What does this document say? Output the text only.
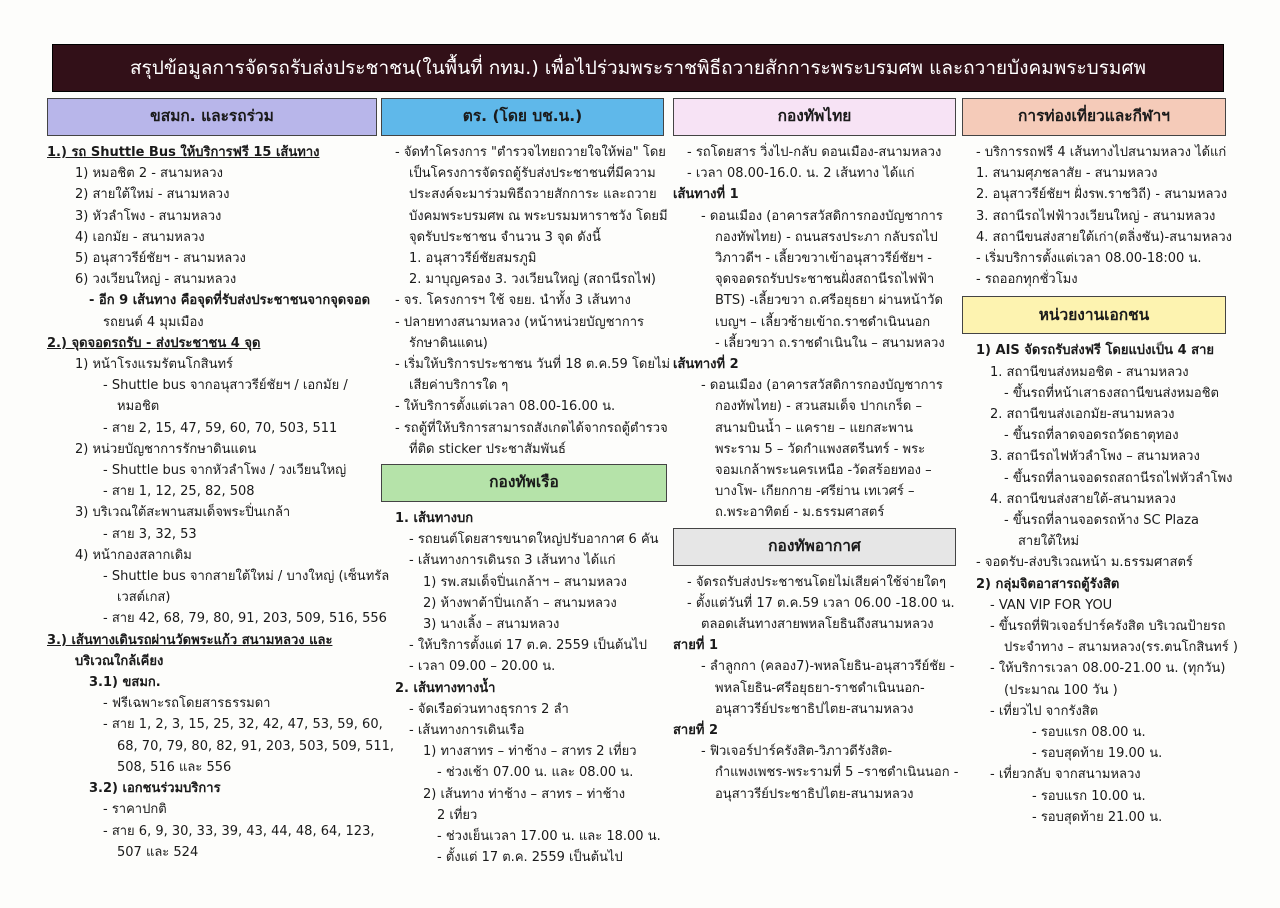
สรุปข้อมูลการจัดรถรับส่งประชาชน(ในพื้นที่ กทม.) เพื่อไปร่วมพระราชพิธีถวายสักการะพระบรมศพ และถวายบังคมพระบรมศพ
ขสมก. และรถร่วม
1.) รถ Shuttle Bus ให้บริการฟรี 15 เส้นทาง
1) หมอชิต 2 - สนามหลวง
2) สายใต้ใหม่ - สนามหลวง
3) หัวลำโพง - สนามหลวง
4) เอกมัย - สนามหลวง
5) อนุสาวรีย์ชัยฯ - สนามหลวง
6) วงเวียนใหญ่ - สนามหลวง
- อีก 9 เส้นทาง คือจุดที่รับส่งประชาชนจากจุดจอด
รถยนต์ 4 มุมเมือง
2.) จุดจอดรถรับ - ส่งประชาชน 4 จุด
1) หน้าโรงแรมรัตนโกสินทร์
- Shuttle bus จากอนุสาวรีย์ชัยฯ / เอกมัย /
หมอชิต
- สาย 2, 15, 47, 59, 60, 70, 503, 511
2) หน่วยบัญชาการรักษาดินแดน
- Shuttle bus จากหัวลำโพง / วงเวียนใหญ่
- สาย 1, 12, 25, 82, 508
3) บริเวณใต้สะพานสมเด็จพระปิ่นเกล้า
- สาย 3, 32, 53
4) หน้ากองสลากเดิม
- Shuttle bus จากสายใต้ใหม่ / บางใหญ่ (เซ็นทรัล
เวสต์เกส)
- สาย 42, 68, 79, 80, 91, 203, 509, 516, 556
3.) เส้นทางเดินรถผ่านวัดพระแก้ว สนามหลวง และ
บริเวณใกล้เคียง
3.1) ขสมก.
- ฟรีเฉพาะรถโดยสารธรรมดา
- สาย 1, 2, 3, 15, 25, 32, 42, 47, 53, 59, 60,
68, 70, 79, 80, 82, 91, 203, 503, 509, 511,
508, 516 และ 556
3.2) เอกชนร่วมบริการ
- ราคาปกติ
- สาย 6, 9, 30, 33, 39, 43, 44, 48, 64, 123,
507 และ 524
ตร. (โดย บช.น.)
- จัดทำโครงการ "ตำรวจไทยถวายใจให้พ่อ" โดย
เป็นโครงการจัดรถตู้รับส่งประชาชนที่มีความ
ประสงค์จะมาร่วมพิธีถวายสักการะ และถวาย
บังคมพระบรมศพ ณ พระบรมมหาราชวัง โดยมี
จุดรับประชาชน จำนวน 3 จุด ดังนี้
1. อนุสาวรีย์ชัยสมรภูมิ
2. มาบุญครอง 3. วงเวียนใหญ่ (สถานีรถไฟ)
- จร. โครงการฯ ใช้ จยย. นำทั้ง 3 เส้นทาง
- ปลายทางสนามหลวง (หน้าหน่วยบัญชาการ
รักษาดินแดน)
- เริ่มให้บริการประชาชน วันที่ 18 ต.ค.59 โดยไม่
เสียค่าบริการใด ๆ
- ให้บริการตั้งแต่เวลา 08.00-16.00 น.
- รถตู้ที่ให้บริการสามารถสังเกตได้จากรถตู้ตำรวจ
ที่ติด sticker ประชาสัมพันธ์
กองทัพเรือ
1. เส้นทางบก
- รถยนต์โดยสารขนาดใหญ่ปรับอากาศ 6 คัน
- เส้นทางการเดินรถ 3 เส้นทาง ได้แก่
1) รพ.สมเด็จปิ่นเกล้าฯ – สนามหลวง
2) ห้างพาต้าปิ่นเกล้า – สนามหลวง
3) นางเลิ้ง – สนามหลวง
- ให้บริการตั้งแต่ 17 ต.ค. 2559 เป็นต้นไป
- เวลา 09.00 – 20.00 น.
2. เส้นทางทางน้ำ
- จัดเรือด่วนทางธุรการ 2 ลำ
- เส้นทางการเดินเรือ
1) ทางสาทร – ท่าช้าง – สาทร 2 เที่ยว
- ช่วงเช้า 07.00 น. และ 08.00 น.
2) เส้นทาง ท่าช้าง – สาทร – ท่าช้าง
2 เที่ยว
- ช่วงเย็นเวลา 17.00 น. และ 18.00 น.
- ตั้งแต่ 17 ต.ค. 2559 เป็นต้นไป
กองทัพไทย
- รถโดยสาร วิ่งไป-กลับ ดอนเมือง-สนามหลวง
- เวลา 08.00-16.0. น. 2 เส้นทาง ได้แก่
เส้นทางที่ 1
- ดอนเมือง (อาคารสวัสดิการกองบัญชาการ
กองทัพไทย) - ถนนสรงประภา กลับรถไป
วิภาวดีฯ - เลี้ยวขวาเข้าอนุสาวรีย์ชัยฯ -
จุดจอดรถรับประชาชนฝั่งสถานีรถไฟฟ้า
BTS) -เลี้ยวขวา ถ.ศรีอยุธยา ผ่านหน้าวัด
เบญฯ – เลี้ยวซ้ายเข้าถ.ราชดำเนินนอก
- เลี้ยวขวา ถ.ราชดำเนินใน – สนามหลวง
เส้นทางที่ 2
- ดอนเมือง (อาคารสวัสดิการกองบัญชาการ
กองทัพไทย) - สวนสมเด็จ ปากเกร็ด –
สนามบินน้ำ – แคราย – แยกสะพาน
พระราม 5 – วัดกำแพงสตรีนทร์ - พระ
จอมเกล้าพระนครเหนือ -วัดสร้อยทอง –
บางโพ- เกียกกาย -ศรีย่าน เทเวศร์ –
ถ.พระอาทิตย์ - ม.ธรรมศาสตร์
กองทัพอากาศ
- จัดรถรับส่งประชาชนโดยไม่เสียค่าใช้จ่ายใดๆ
- ตั้งแต่วันที่ 17 ต.ค.59 เวลา 06.00 -18.00 น.
ตลอดเส้นทางสายพหลโยธินถึงสนามหลวง
สายที่ 1
- ลำลูกกา (คลอง7)-พหลโยธิน-อนุสาวรีย์ชัย -
พหลโยธิน-ศรีอยุธยา-ราชดำเนินนอก-
อนุสาวรีย์ประชาธิปไตย-สนามหลวง
สายที่ 2
- ฟิวเจอร์ปาร์ครังสิต-วิภาวดีรังสิต-
กำแพงเพชร-พระรามที่ 5 –ราชดำเนินนอก -
อนุสาวรีย์ประชาธิปไตย-สนามหลวง
การท่องเที่ยวและกีฬาฯ
- บริการรถฟรี 4 เส้นทางไปสนามหลวง ได้แก่
1. สนามศุภชลาสัย - สนามหลวง
2. อนุสาวรีย์ชัยฯ ฝั่งรพ.ราชวิถี) - สนามหลวง
3. สถานีรถไฟฟ้าวงเวียนใหญ่ - สนามหลวง
4. สถานีขนส่งสายใต้เก่า(ตลิ่งชัน)-สนามหลวง
- เริ่มบริการตั้งแต่เวลา 08.00-18:00 น.
- รถออกทุกชั่วโมง
หน่วยงานเอกชน
1) AIS จัดรถรับส่งฟรี โดยแบ่งเป็น 4 สาย
1. สถานีขนส่งหมอชิต - สนามหลวง
- ขึ้นรถที่หน้าเสาธงสถานีขนส่งหมอชิต
2. สถานีขนส่งเอกมัย-สนามหลวง
- ขึ้นรถที่ลาดจอดรถวัดธาตุทอง
3. สถานีรถไฟหัวลำโพง – สนามหลวง
- ขึ้นรถที่ลานจอดรถสถานีรถไฟหัวลำโพง
4. สถานีขนส่งสายใต้-สนามหลวง
- ขึ้นรถที่ลานจอดรถห้าง SC Plaza
สายใต้ใหม่
- จอดรับ-ส่งบริเวณหน้า ม.ธรรมศาสตร์
2) กลุ่มจิตอาสารถตู้รังสิต
- VAN VIP FOR YOU
- ขึ้นรถที่ฟิวเจอร์ปาร์ครังสิต บริเวณป้ายรถ
ประจำทาง – สนามหลวง(รร.ตนโกสินทร์ )
- ให้บริการเวลา 08.00-21.00 น. (ทุกวัน)
(ประมาณ 100 วัน )
- เที่ยวไป จากรังสิต
- รอบแรก 08.00 น.
- รอบสุดท้าย 19.00 น.
- เที่ยวกลับ จากสนามหลวง
- รอบแรก 10.00 น.
- รอบสุดท้าย 21.00 น.
